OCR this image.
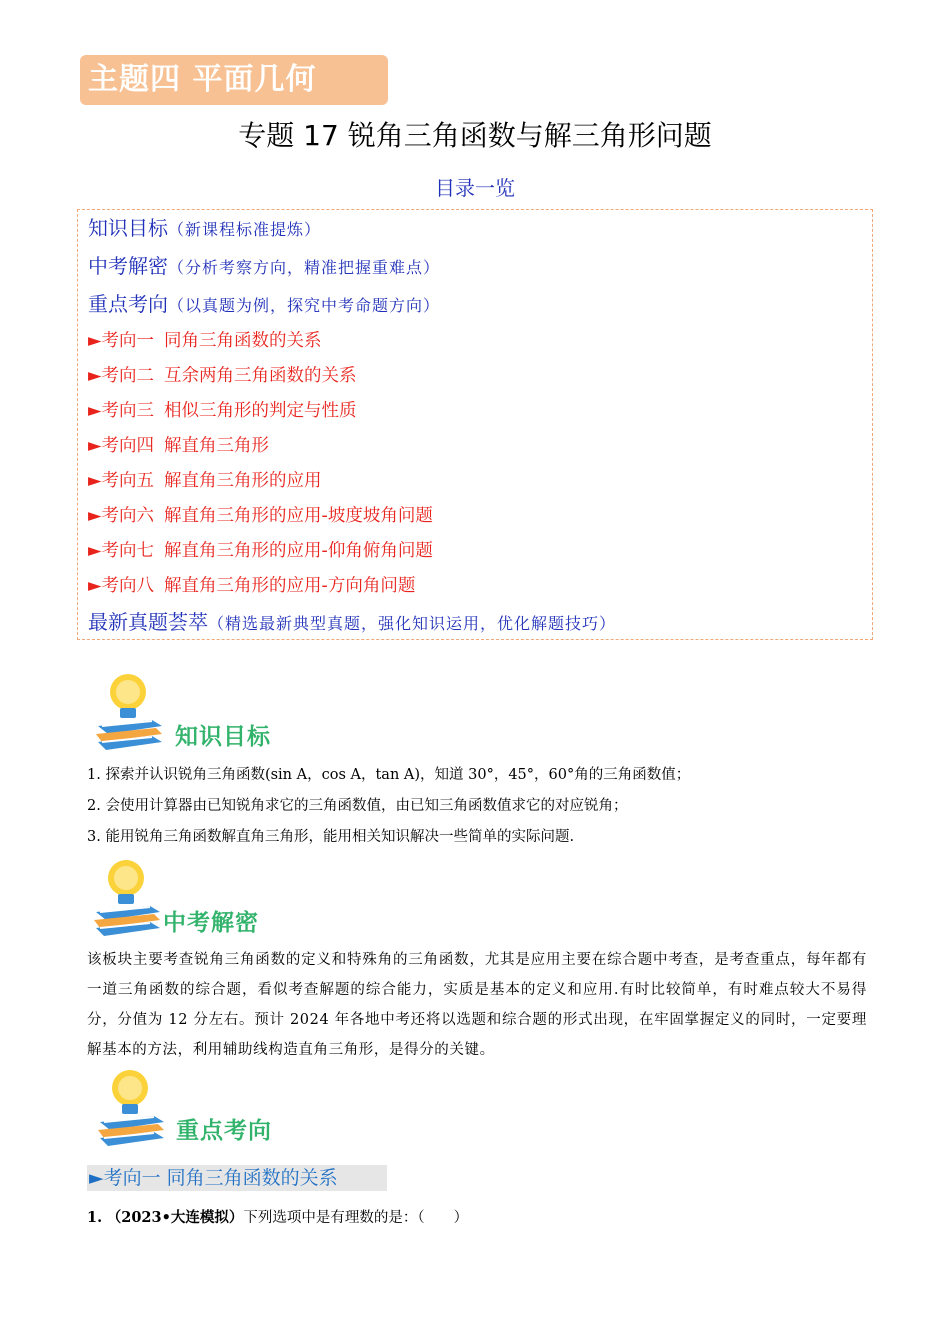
主题四 平面几何
专题 17 锐角三角函数与解三角形问题
目录一览
知识目标（新课程标准提炼）
中考解密（分析考察方向，精准把握重难点）
重点考向（以真题为例，探究中考命题方向）
►考向一 同角三角函数的关系
►考向二 互余两角三角函数的关系
►考向三 相似三角形的判定与性质
►考向四 解直角三角形
►考向五 解直角三角形的应用
►考向六 解直角三角形的应用-坡度坡角问题
►考向七 解直角三角形的应用-仰角俯角问题
►考向八 解直角三角形的应用-方向角问题
最新真题荟萃（精选最新典型真题，强化知识运用，优化解题技巧）
知识目标
1. 探索并认识锐角三角函数(sin A，cos A，tan A)，知道 30°，45°，60°角的三角函数值；
2. 会使用计算器由已知锐角求它的三角函数值，由已知三角函数值求它的对应锐角；
3. 能用锐角三角函数解直角三角形，能用相关知识解决一些简单的实际问题.
中考解密
该板块主要考查锐角三角函数的定义和特殊角的三角函数，尤其是应用主要在综合题中考查，是考查重点，每年都有一道三角函数的综合题，看似考查解题的综合能力，实质是基本的定义和应用.有时比较简单，有时难点较大不易得分，分值为 12 分左右。预计 2024 年各地中考还将以选题和综合题的形式出现，在牢固掌握定义的同时，一定要理解基本的方法，利用辅助线构造直角三角形，是得分的关键。
重点考向
►考向一 同角三角函数的关系
1. （2023•大连模拟）下列选项中是有理数的是：（　　）
